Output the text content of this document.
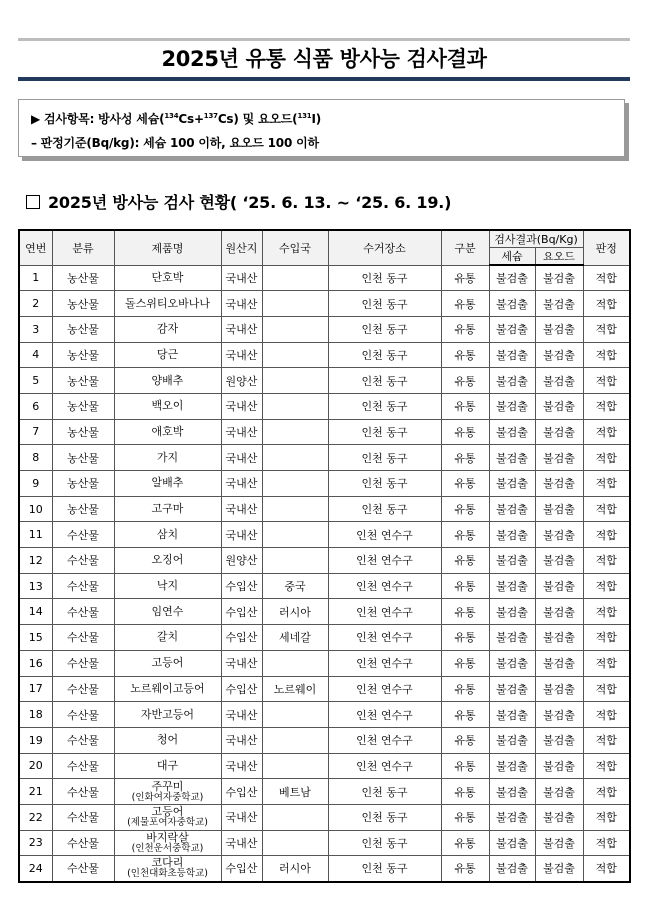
2025년 유통 식품 방사능 검사결과
▶ 검사항목: 방사성 세슘($^{134}$Cs+$^{137}$Cs) 및 요오드($^{131}$I)
– 판정기준(Bq/kg): 세슘 100 이하, 요오드 100 이하
2025년 방사능 검사 현황( ‘25. 6. 13. ~ ‘25. 6. 19.)
연번	분류	제품명	원산지	수입국	수거장소	구분	검사결과(Bq/Kg)		판정
							세슘	요오드	
1	농산물	단호박	국내산		인천 동구	유통	불검출	불검출	적합
2	농산물	돌스위티오바나나	국내산		인천 동구	유통	불검출	불검출	적합
3	농산물	감자	국내산		인천 동구	유통	불검출	불검출	적합
4	농산물	당근	국내산		인천 동구	유통	불검출	불검출	적합
5	농산물	양배추	원양산		인천 동구	유통	불검출	불검출	적합
6	농산물	백오이	국내산		인천 동구	유통	불검출	불검출	적합
7	농산물	애호박	국내산		인천 동구	유통	불검출	불검출	적합
8	농산물	가지	국내산		인천 동구	유통	불검출	불검출	적합
9	농산물	알배추	국내산		인천 동구	유통	불검출	불검출	적합
10	농산물	고구마	국내산		인천 동구	유통	불검출	불검출	적합
11	수산물	삼치	국내산		인천 연수구	유통	불검출	불검출	적합
12	수산물	오징어	원양산		인천 연수구	유통	불검출	불검출	적합
13	수산물	낙지	수입산	중국	인천 연수구	유통	불검출	불검출	적합
14	수산물	임연수	수입산	러시아	인천 연수구	유통	불검출	불검출	적합
15	수산물	갈치	수입산	세네갈	인천 연수구	유통	불검출	불검출	적합
16	수산물	고등어	국내산		인천 연수구	유통	불검출	불검출	적합
17	수산물	노르웨이고등어	수입산	노르웨이	인천 연수구	유통	불검출	불검출	적합
18	수산물	자반고등어	국내산		인천 연수구	유통	불검출	불검출	적합
19	수산물	청어	국내산		인천 연수구	유통	불검출	불검출	적합
20	수산물	대구	국내산		인천 연수구	유통	불검출	불검출	적합
21	수산물	주꾸미
(인화여자중학교)	수입산	베트남	인천 동구	유통	불검출	불검출	적합
22	수산물	고등어
(제물포여자중학교)	국내산		인천 동구	유통	불검출	불검출	적합
23	수산물	바지락살
(인천운서중학교)	국내산		인천 동구	유통	불검출	불검출	적합
24	수산물	코다리
(인천대화초등학교)	수입산	러시아	인천 동구	유통	불검출	불검출	적합
